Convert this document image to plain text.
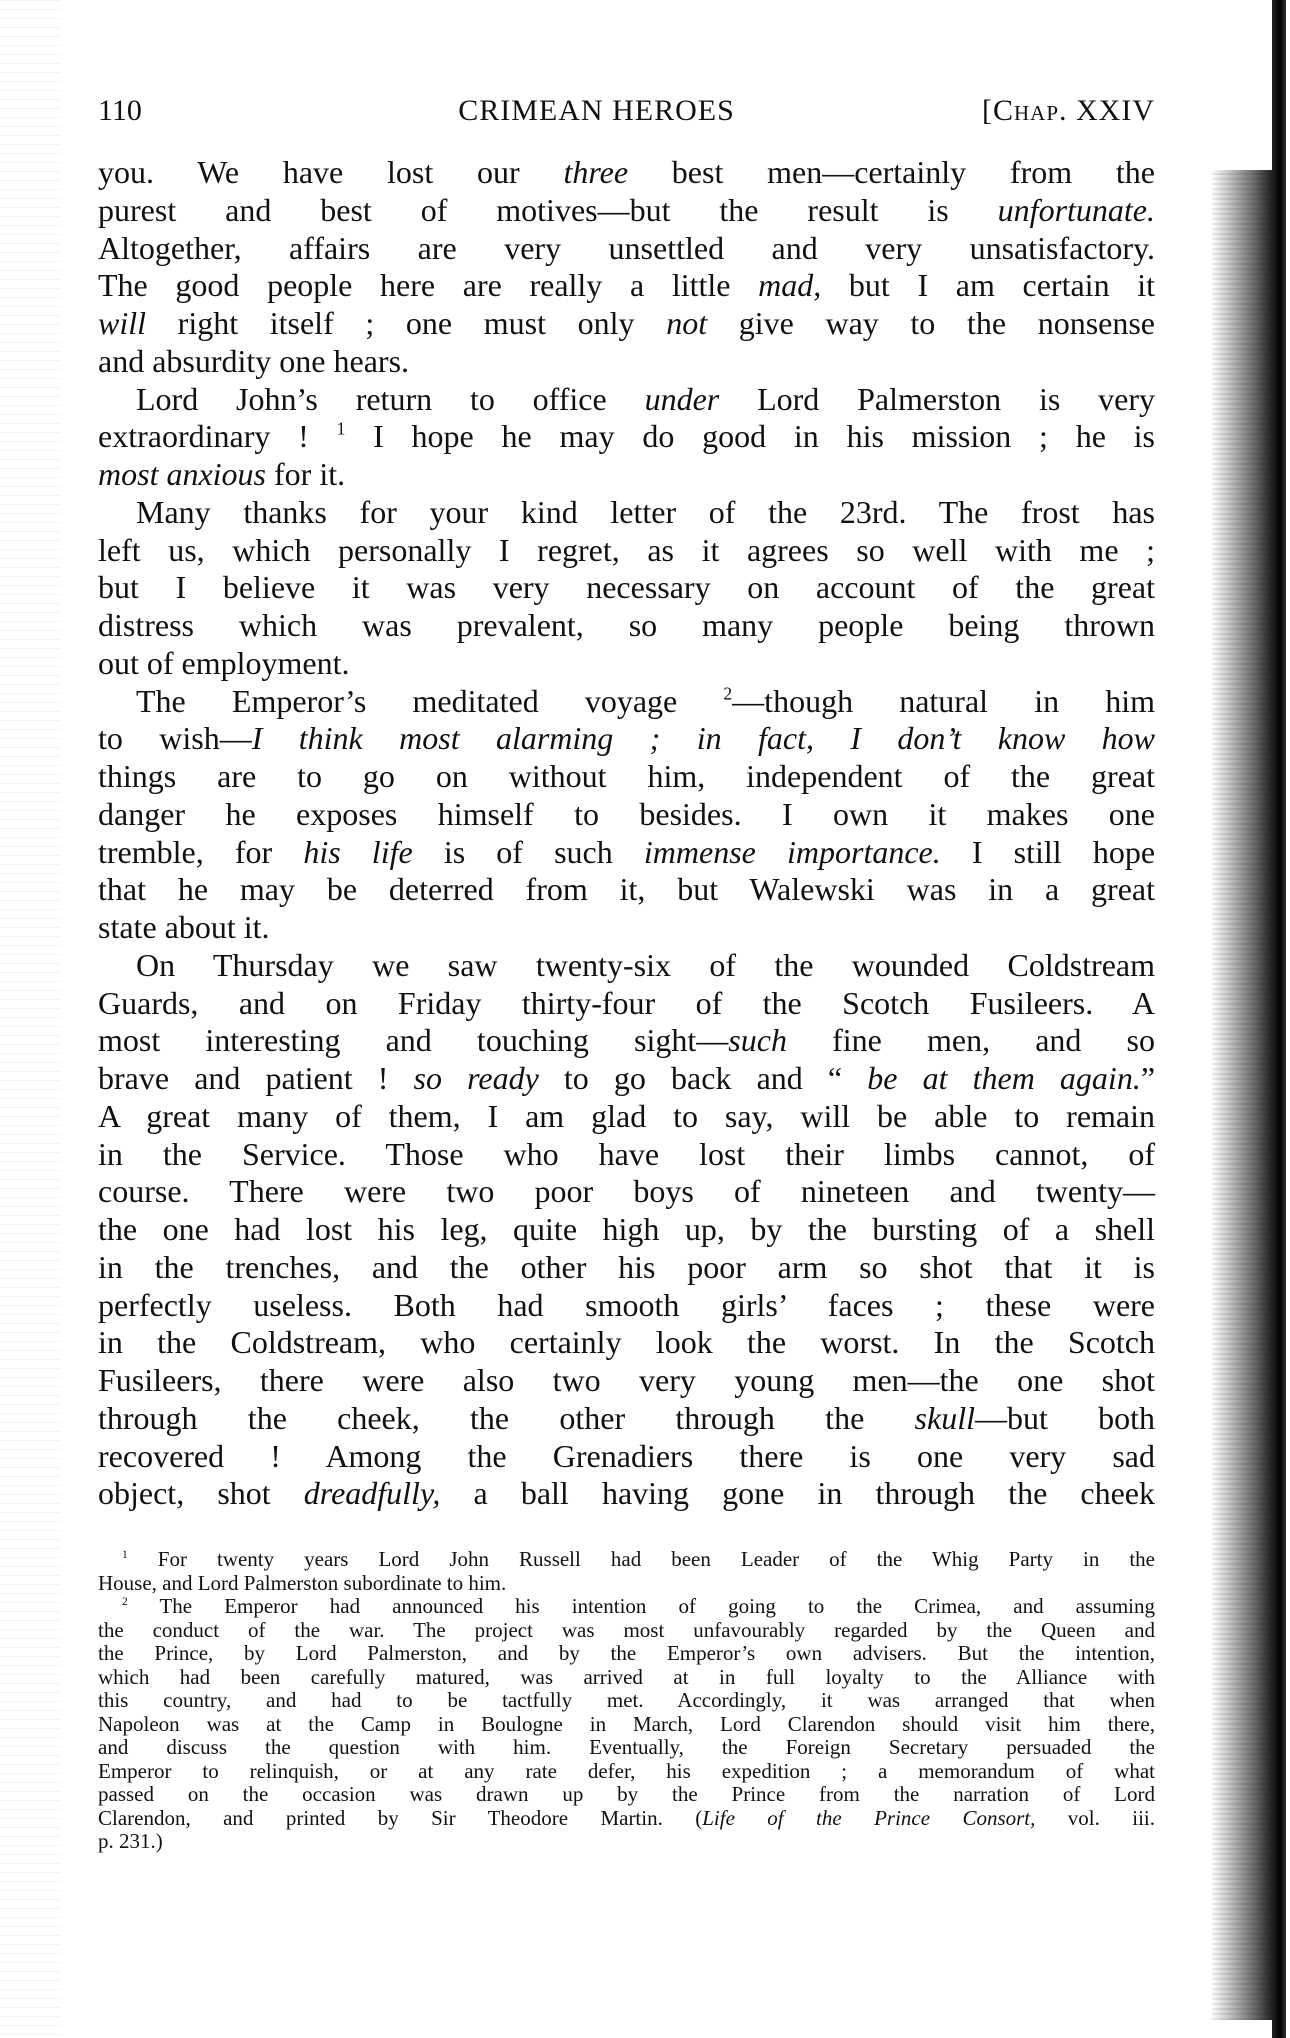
110	CRIMEAN HEROES	[Chap. XXIV
you. We have lost our three best men—certainly from the
purest and best of motives—but the result is unfortunate.
Altogether, affairs are very unsettled and very unsatisfactory.
The good people here are really a little mad, but I am certain it
will right itself ; one must only not give way to the nonsense
and absurdity one hears.
Lord John’s return to office under Lord Palmerston is very
extraordinary ! $^1$ I hope he may do good in his mission ; he is
most anxious for it.
Many thanks for your kind letter of the 23rd. The frost has
left us, which personally I regret, as it agrees so well with me ;
but I believe it was very necessary on account of the great
distress which was prevalent, so many people being thrown
out of employment.
The Emperor’s meditated voyage $^2$—though natural in him
to wish—I think most alarming ; in fact, I don’t know how
things are to go on without him, independent of the great
danger he exposes himself to besides. I own it makes one
tremble, for his life is of such immense importance. I still hope
that he may be deterred from it, but Walewski was in a great
state about it.
On Thursday we saw twenty-six of the wounded Coldstream
Guards, and on Friday thirty-four of the Scotch Fusileers. A
most interesting and touching sight—such fine men, and so
brave and patient ! so ready to go back and “ be at them again.”
A great many of them, I am glad to say, will be able to remain
in the Service. Those who have lost their limbs cannot, of
course. There were two poor boys of nineteen and twenty—
the one had lost his leg, quite high up, by the bursting of a shell
in the trenches, and the other his poor arm so shot that it is
perfectly useless. Both had smooth girls’ faces ; these were
in the Coldstream, who certainly look the worst. In the Scotch
Fusileers, there were also two very young men—the one shot
through the cheek, the other through the skull—but both
recovered ! Among the Grenadiers there is one very sad
object, shot dreadfully, a ball having gone in through the cheek
$^1$ For twenty years Lord John Russell had been Leader of the Whig Party in the
House, and Lord Palmerston subordinate to him.
$^2$ The Emperor had announced his intention of going to the Crimea, and assuming
the conduct of the war. The project was most unfavourably regarded by the Queen and
the Prince, by Lord Palmerston, and by the Emperor’s own advisers. But the intention,
which had been carefully matured, was arrived at in full loyalty to the Alliance with
this country, and had to be tactfully met. Accordingly, it was arranged that when
Napoleon was at the Camp in Boulogne in March, Lord Clarendon should visit him there,
and discuss the question with him. Eventually, the Foreign Secretary persuaded the
Emperor to relinquish, or at any rate defer, his expedition ; a memorandum of what
passed on the occasion was drawn up by the Prince from the narration of Lord
Clarendon, and printed by Sir Theodore Martin. (Life of the Prince Consort, vol. iii.
p. 231.)
